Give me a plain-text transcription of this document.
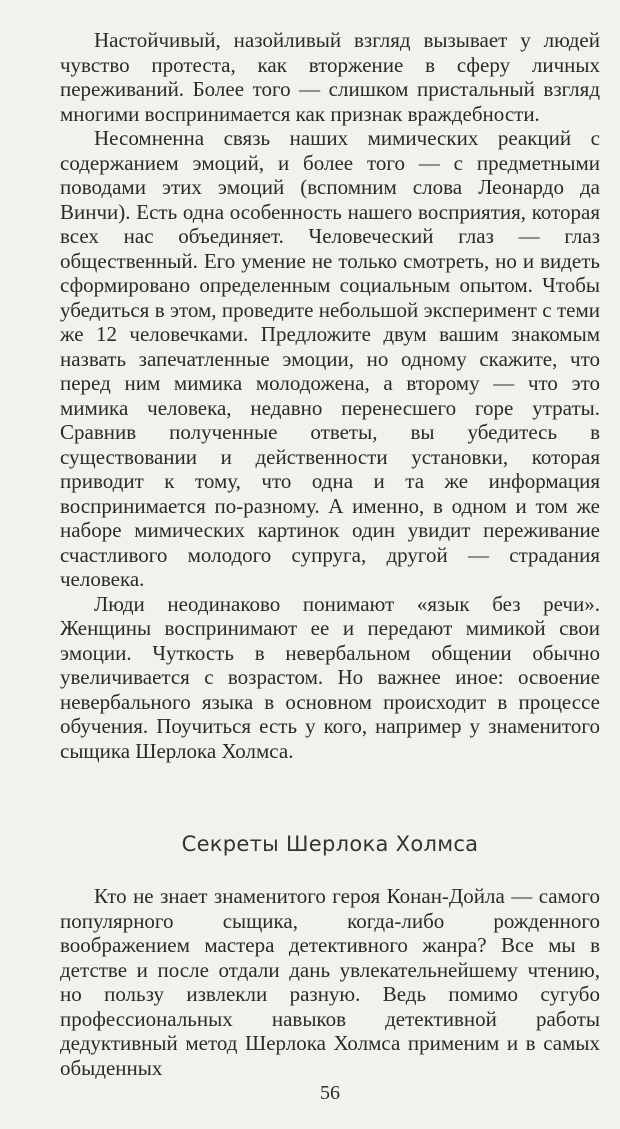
Настойчивый, назойливый взгляд вызывает у людей чувство протеста, как вторжение в сферу личных переживаний. Более того — слишком пристальный взгляд многими воспринимается как признак враждебности.

Несомненна связь наших мимических реакций с содержанием эмоций, и более того — с предметными поводами этих эмоций (вспомним слова Леонардо да Винчи). Есть одна особенность нашего восприятия, которая всех нас объединяет. Человеческий глаз — глаз общественный. Его умение не только смотреть, но и видеть сформировано определенным социальным опытом. Чтобы убедиться в этом, проведите небольшой эксперимент с теми же 12 человечками. Предложите двум вашим знакомым назвать запечатленные эмоции, но одному скажите, что перед ним мимика молодожена, а второму — что это мимика человека, недавно перенесшего горе утраты. Сравнив полученные ответы, вы убедитесь в существовании и действенности установки, которая приводит к тому, что одна и та же информация воспринимается по-разному. А именно, в одном и том же наборе мимических картинок один увидит переживание счастливого молодого супруга, другой — страдания человека.

Люди неодинаково понимают «язык без речи». Женщины воспринимают ее и передают мимикой свои эмоции. Чуткость в невербальном общении обычно увеличивается с возрастом. Но важнее иное: освоение невербального языка в основном происходит в процессе обучения. Поучиться есть у кого, например у знаменитого сыщика Шерлока Холмса.

Секреты Шерлока Холмса

Кто не знает знаменитого героя Конан-Дойла — самого популярного сыщика, когда-либо рожденного воображением мастера детективного жанра? Все мы в детстве и после отдали дань увлекательнейшему чтению, но пользу извлекли разную. Ведь помимо сугубо профессиональных навыков детективной работы дедуктивный метод Шерлока Холмса применим и в самых обыденных

56
